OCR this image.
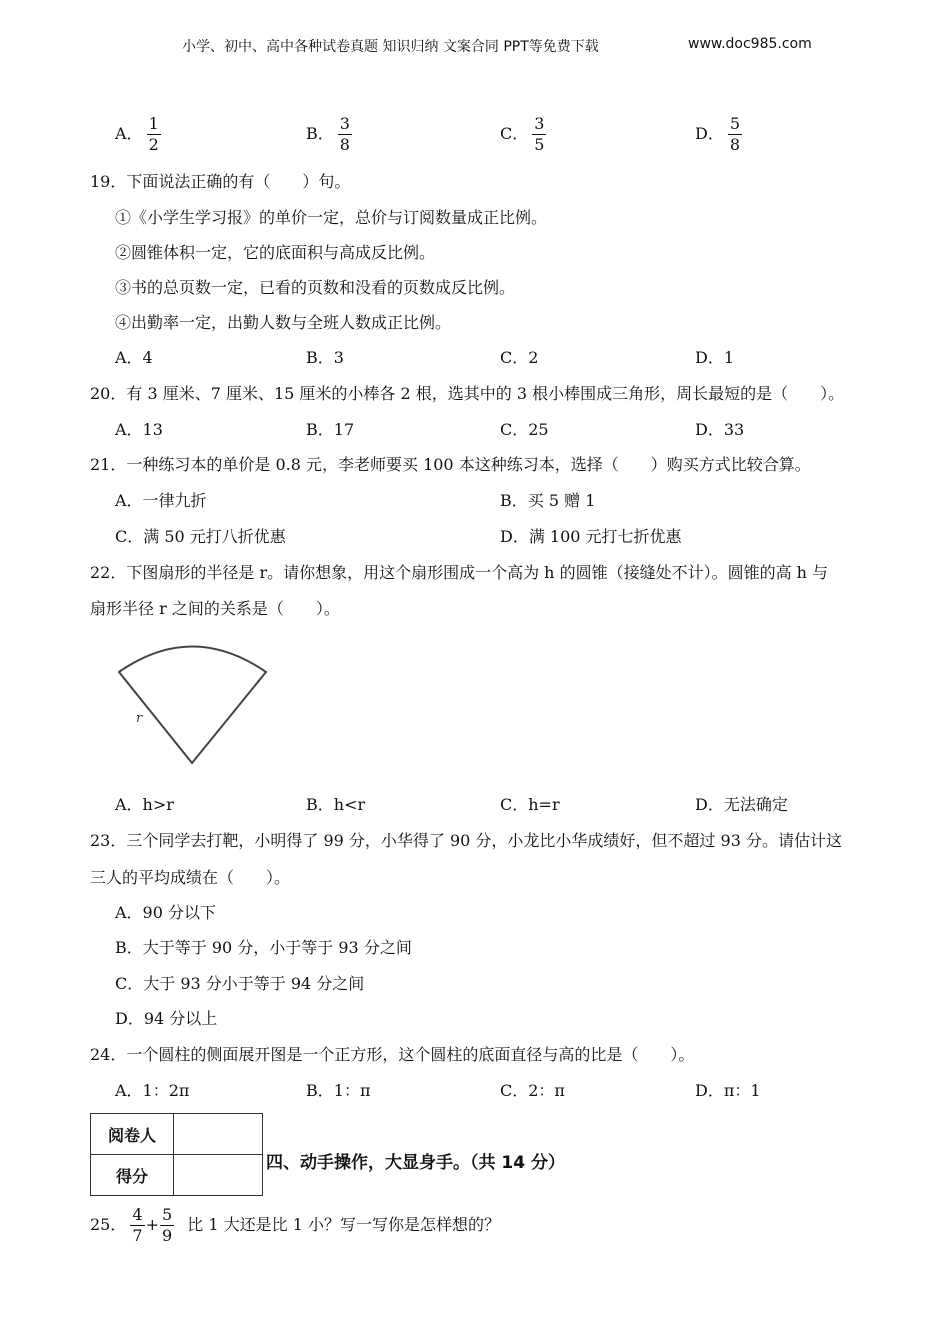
小学、初中、高中各种试卷真题 知识归纳 文案合同 PPT等免费下载	www.doc985.com
A． $\frac{1}{2}$	B． $\frac{3}{8}$	C． $\frac{3}{5}$	D． $\frac{5}{8}$
19．下面说法正确的有（　　）句。
①《小学生学习报》的单价一定，总价与订阅数量成正比例。
②圆锥体积一定，它的底面积与高成反比例。
③书的总页数一定，已看的页数和没看的页数成反比例。
④出勤率一定，出勤人数与全班人数成正比例。
A．4	B．3	C．2	D．1
20．有 3 厘米、7 厘米、15 厘米的小棒各 2 根，选其中的 3 根小棒围成三角形，周长最短的是（　　）。
A．13	B．17	C．25	D．33
21．一种练习本的单价是 0.8 元，李老师要买 100 本这种练习本，选择（　　）购买方式比较合算。
A．一律九折	B．买 5 赠 1
C．满 50 元打八折优惠	D．满 100 元打七折优惠
22．下图扇形的半径是 r。请你想象，用这个扇形围成一个高为 h 的圆锥（接缝处不计）。圆锥的高 h 与
扇形半径 r 之间的关系是（　　）。
r
A．h>r	B．h<r	C．h=r	D．无法确定
23．三个同学去打靶，小明得了 99 分，小华得了 90 分，小龙比小华成绩好，但不超过 93 分。请估计这
三人的平均成绩在（　　）。
A．90 分以下
B．大于等于 90 分，小于等于 93 分之间
C．大于 93 分小于等于 94 分之间
D．94 分以上
24．一个圆柱的侧面展开图是一个正方形，这个圆柱的底面直径与高的比是（　　）。
A．1：2π	B．1：π	C．2：π	D．π：1
阅卷人	
得分	
四、动手操作，大显身手。（共 14 分）
25． $\frac{4}{7} + \frac{5}{9}$ 比 1 大还是比 1 小？写一写你是怎样想的？
